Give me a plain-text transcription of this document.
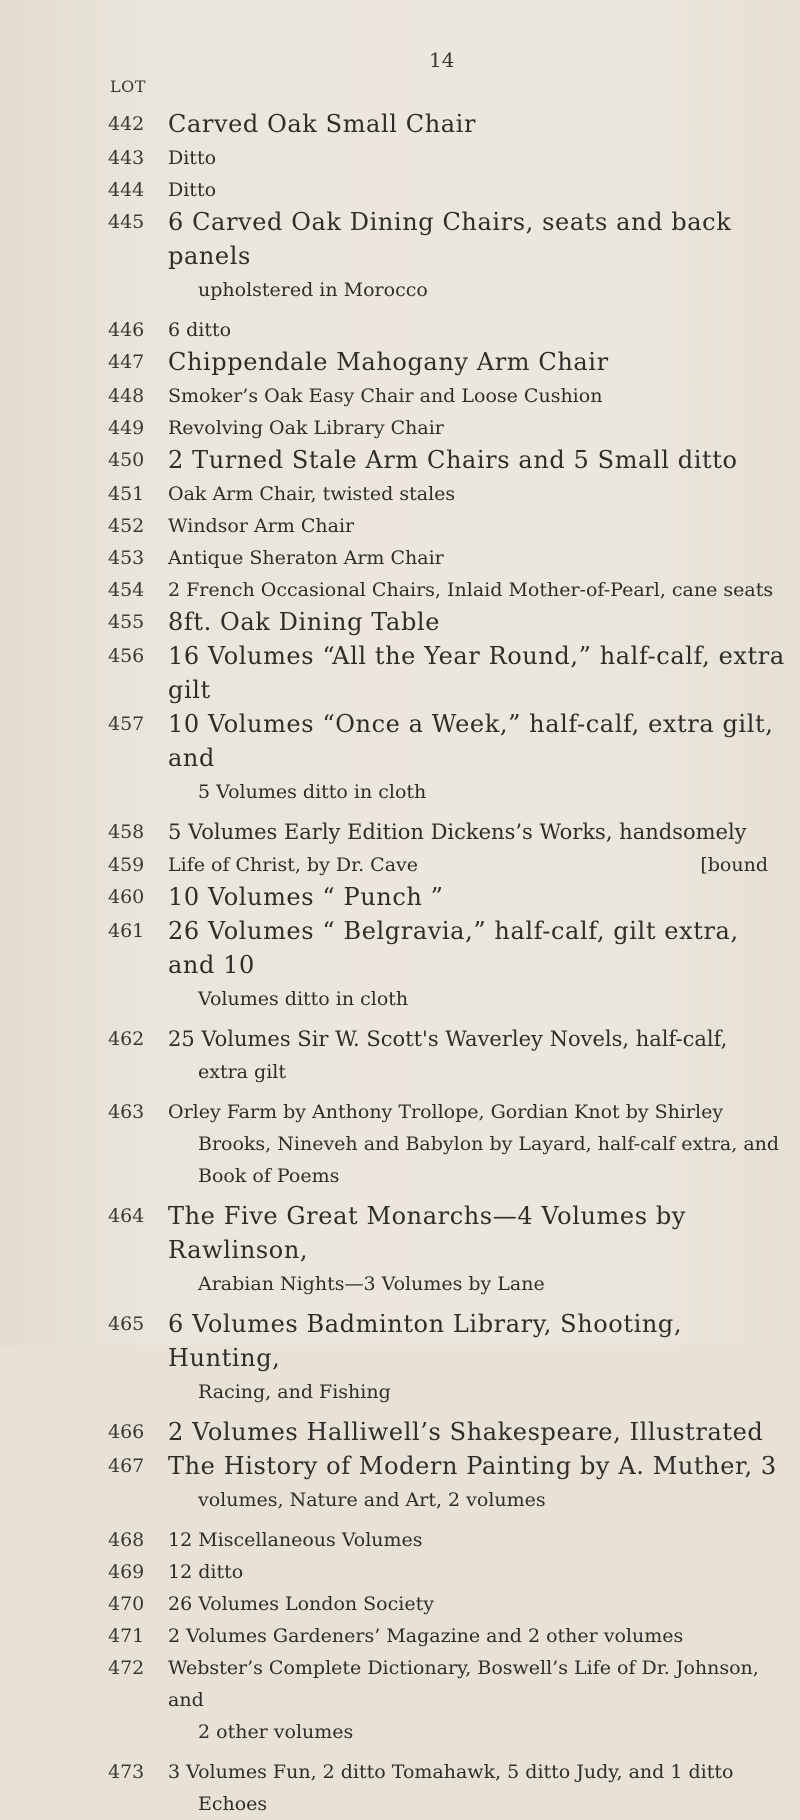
14
LOT
442 Carved Oak Small Chair
443	Ditto
444	Ditto
445 6 Carved Oak Dining Chairs, seats and back panels
upholstered in Morocco
446	6 ditto
447 Chippendale Mahogany Arm Chair
448	Smoker’s Oak Easy Chair and Loose Cushion
449	Revolving Oak Library Chair
450 2 Turned Stale Arm Chairs and 5 Small ditto
451	Oak Arm Chair, twisted stales
452	Windsor Arm Chair
453	Antique Sheraton Arm Chair
454	2 French Occasional Chairs, Inlaid Mother-of-Pearl, cane seats
455 8ft. Oak Dining Table
456 16 Volumes “All the Year Round,” half-calf, extra gilt
457 10 Volumes “Once a Week,” half-calf, extra gilt, and
5 Volumes ditto in cloth
458	5 Volumes Early Edition Dickens’s Works, handsomely
459	Life of Christ, by Dr. Cave	[bound
460 10 Volumes “ Punch ”
461 26 Volumes “ Belgravia,” half-calf, gilt extra, and 10
Volumes ditto in cloth
462	25 Volumes Sir W. Scott's Waverley Novels, half-calf,
extra gilt
463	Orley Farm by Anthony Trollope, Gordian Knot by Shirley
Brooks, Nineveh and Babylon by Layard, half-calf extra, and
Book of Poems
464 The Five Great Monarchs—4 Volumes by Rawlinson,
Arabian Nights—3 Volumes by Lane
465 6 Volumes Badminton Library, Shooting, Hunting,
Racing, and Fishing
466 2 Volumes Halliwell’s Shakespeare, Illustrated
467 The History of Modern Painting by A. Muther, 3
volumes, Nature and Art, 2 volumes
468	12 Miscellaneous Volumes
469	12 ditto
470	26 Volumes London Society
471	2 Volumes Gardeners’ Magazine and 2 other volumes
472	Webster’s Complete Dictionary, Boswell’s Life of Dr. Johnson, and
2 other volumes
473	3 Volumes Fun, 2 ditto Tomahawk, 5 ditto Judy, and 1 ditto
Echoes
